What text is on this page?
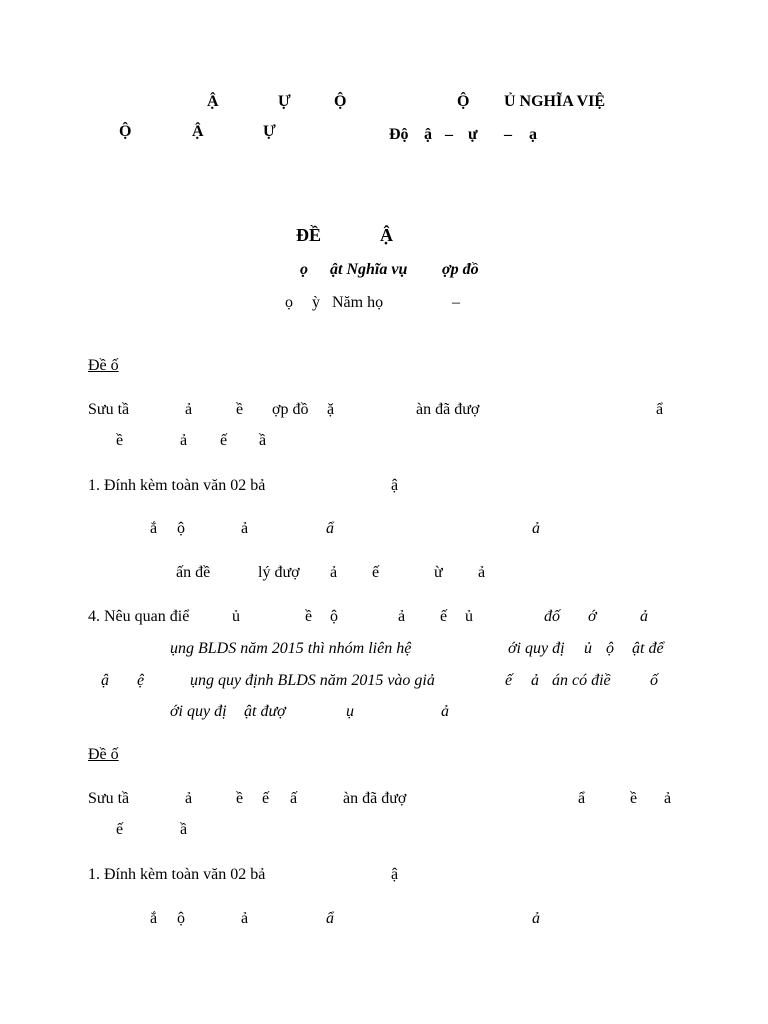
Ậ	Ự	Ộ	Ộ Ủ NGHĨA VIỆ
Ộ	Ậ	Ự	Độ ậ – ự – ạ
ĐỀ	Ậ
ọ ật Nghĩa vụ ợp đồ
ọ ỳ Năm họ	–
Đề ố
Sưu tầ	ả	ề ợp đồ ặ	àn đã đượ	ẩ
ề	ả ế ầ
1. Đính kèm toàn văn 02 bả	ậ
ắ ộ	ả	ẩ	ả
ấn đề	lý đượ ả ế	ừ ả
4. Nêu quan điể	ủ	ề ộ	ả ế ủ	đố ớ	ả
ụng BLDS năm 2015 thì nhóm liên hệ	ới quy đị ủ ộ ật để
ậ ệ	ụng quy định BLDS năm 2015 vào giả	ế ả án có điề ố
ới quy đị ật đượ	ụ	ả
Đề ố
Sưu tầ	ả	ề ế ấ	àn đã đượ	ẩ	ề ả
ế	ầ
1. Đính kèm toàn văn 02 bả	ậ
ắ ộ	ả	ẩ	ả
